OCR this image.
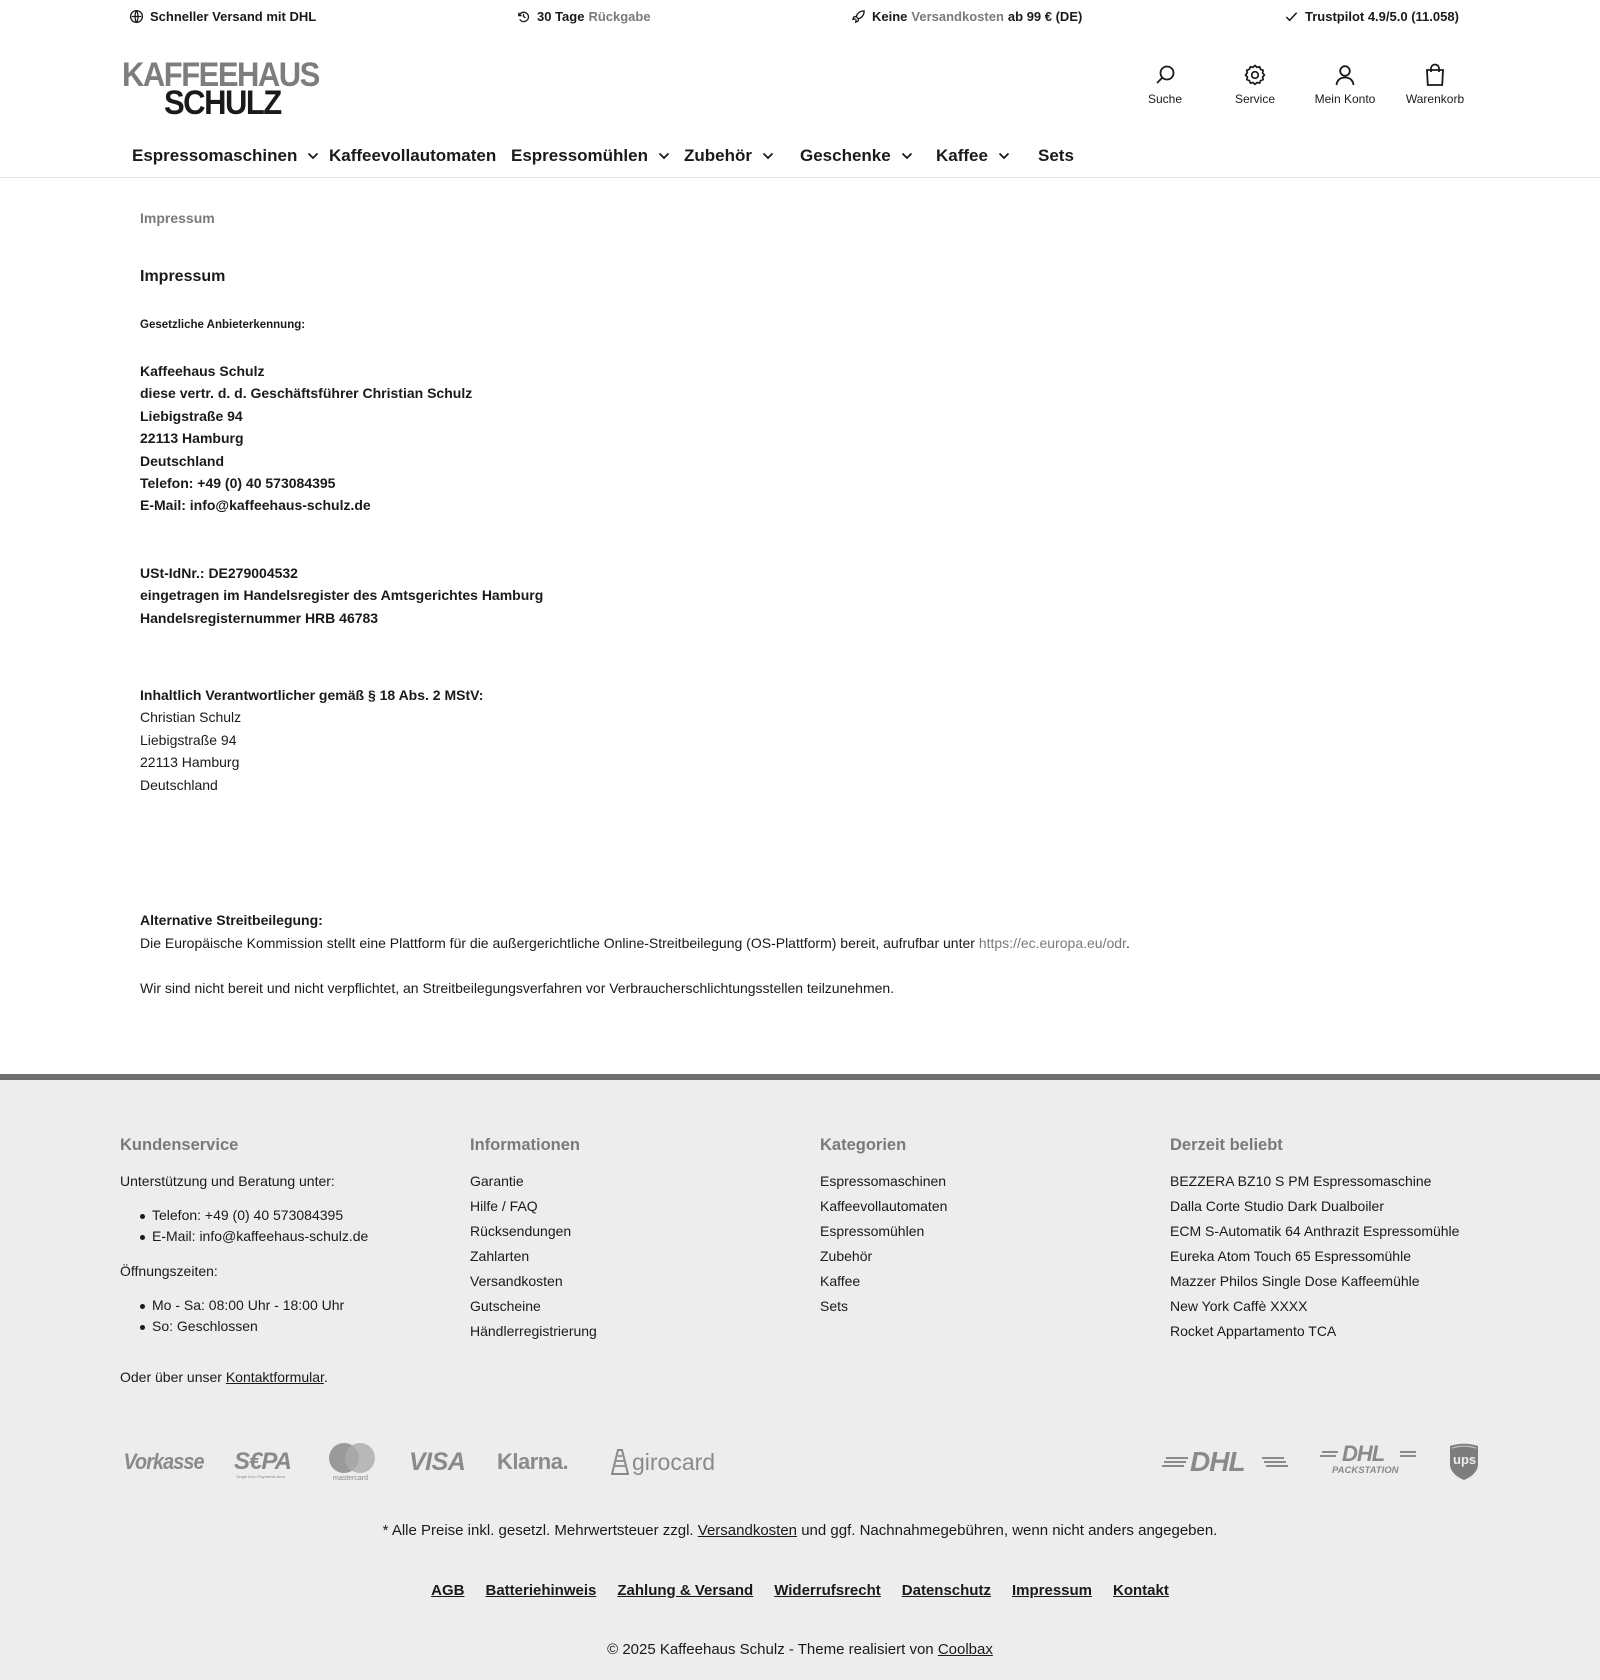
Schneller Versand mit DHL	30 Tage Rückgabe	Keine Versandkosten ab 99 € (DE)	Trustpilot 4.9/5.0 (11.058)
KAFFEEHAUS
SCHULZ	Suche	Service	Mein Konto	Warenkorb
Espressomaschinen Kaffeevollautomaten Espressomühlen Zubehör	Geschenke	Kaffee	Sets
Impressum
Impressum
Gesetzliche Anbieterkennung:
Kaffeehaus Schulz
diese vertr. d. d. Geschäftsführer Christian Schulz
Liebigstraße 94
22113 Hamburg
Deutschland
Telefon: +49 (0) 40 573084395
E-Mail: info@kaffeehaus-schulz.de
USt-IdNr.: DE279004532
eingetragen im Handelsregister des Amtsgerichtes Hamburg
Handelsregisternummer HRB 46783
Inhaltlich Verantwortlicher gemäß § 18 Abs. 2 MStV:
Christian Schulz
Liebigstraße 94
22113 Hamburg
Deutschland
Alternative Streitbeilegung:
Die Europäische Kommission stellt eine Plattform für die außergerichtliche Online-Streitbeilegung (OS-Plattform) bereit, aufrufbar unter https://ec.europa.eu/odr.
Wir sind nicht bereit und nicht verpflichtet, an Streitbeilegungsverfahren vor Verbraucherschlichtungsstellen teilzunehmen.
Kundenservice
Unterstützung und Beratung unter:
Telefon: +49 (0) 40 573084395
E-Mail: info@kaffeehaus-schulz.de
Öffnungszeiten:
Mo - Sa: 08:00 Uhr - 18:00 Uhr
So: Geschlossen
Oder über unser Kontaktformular.
Informationen
Garantie
Hilfe / FAQ
Rücksendungen
Zahlarten
Versandkosten
Gutscheine
Händlerregistrierung
Kategorien
Espressomaschinen
Kaffeevollautomaten
Espressomühlen
Zubehör
Kaffee
Sets
Derzeit beliebt
BEZZERA BZ10 S PM Espressomaschine
Dalla Corte Studio Dark Dualboiler
ECM S-Automatik 64 Anthrazit Espressomühle
Eureka Atom Touch 65 Espressomühle
Mazzer Philos Single Dose Kaffeemühle
New York Caffè XXXX
Rocket Appartamento TCA
Vorkasse S€PA
Single Euro Payments Area	mastercard
VISA Klarna.	girocard	DHL	DHL
PACKSTATION
ups
* Alle Preise inkl. gesetzl. Mehrwertsteuer zzgl. Versandkosten und ggf. Nachnahmegebühren, wenn nicht anders angegeben.
AGB Batteriehinweis Zahlung & Versand Widerrufsrecht Datenschutz Impressum Kontakt
© 2025 Kaffeehaus Schulz - Theme realisiert von Coolbax
